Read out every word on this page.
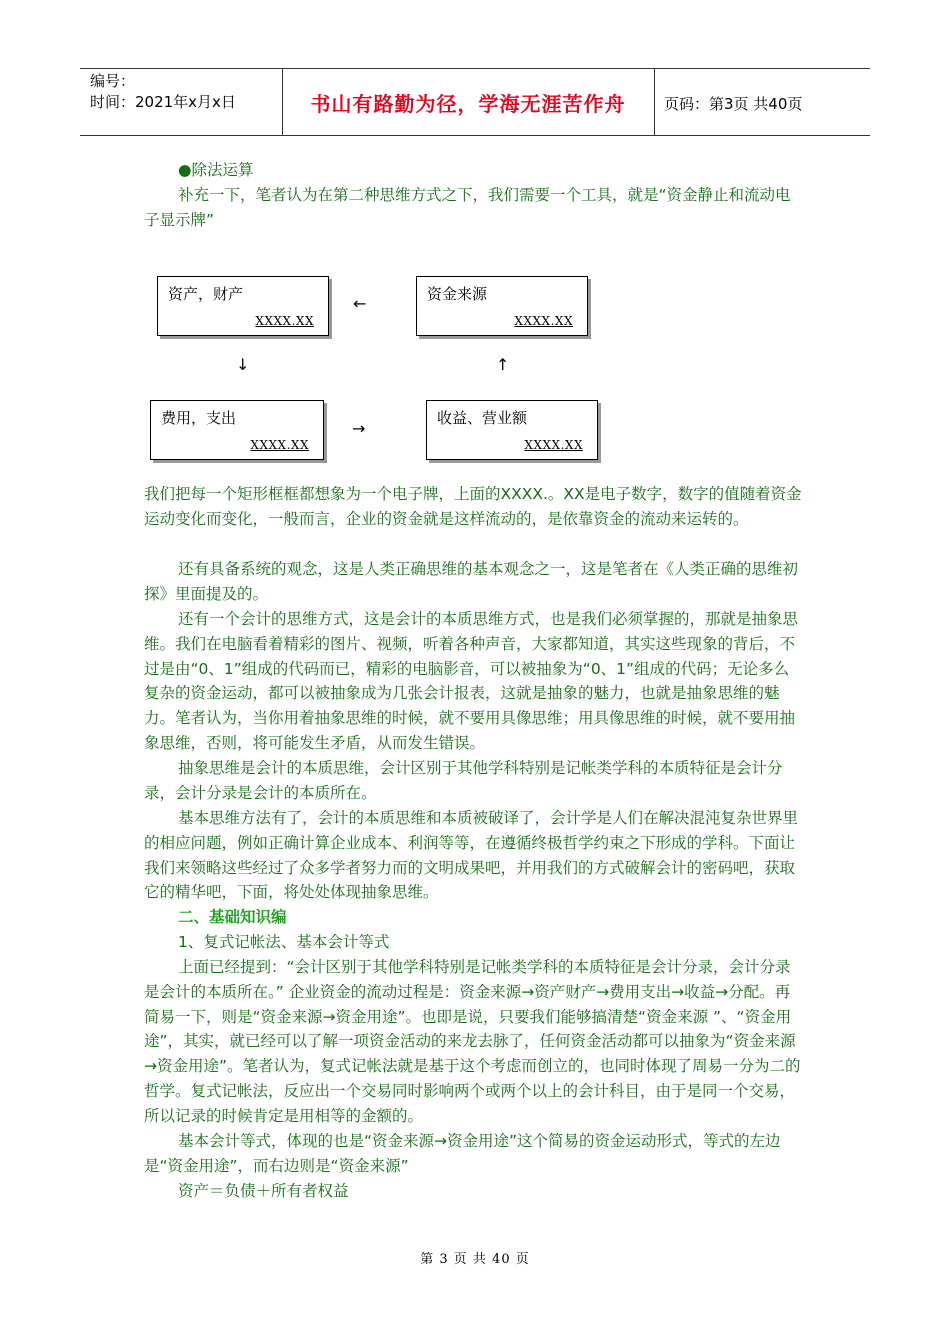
编号：
时间：2021年x月x日	书山有路勤为径，学海无涯苦作舟	页码：第3页 共40页

●除法运算

补充一下，笔者认为在第二种思维方式之下，我们需要一个工具，就是“资金静止和流动电子显示牌”

资产，财产
XXXX.XX
资金来源
XXXX.XX
费用，支出
XXXX.XX
收益、营业额
XXXX.XX
←
↓	↑
→

我们把每一个矩形框框都想象为一个电子牌，上面的XXXX.。XX是电子数字，数字的值随着资金运动变化而变化，一般而言，企业的资金就是这样流动的，是依靠资金的流动来运转的。

还有具备系统的观念，这是人类正确思维的基本观念之一，这是笔者在《人类正确的思维初探》里面提及的。

还有一个会计的思维方式，这是会计的本质思维方式，也是我们必须掌握的，那就是抽象思维。我们在电脑看着精彩的图片、视频，听着各种声音，大家都知道，其实这些现象的背后，不过是由“0、1”组成的代码而已，精彩的电脑影音，可以被抽象为“0、1”组成的代码；无论多么复杂的资金运动，都可以被抽象成为几张会计报表，这就是抽象的魅力，也就是抽象思维的魅力。笔者认为，当你用着抽象思维的时候，就不要用具像思维；用具像思维的时候，就不要用抽象思维，否则，将可能发生矛盾，从而发生错误。

抽象思维是会计的本质思维，会计区别于其他学科特别是记帐类学科的本质特征是会计分录，会计分录是会计的本质所在。

基本思维方法有了，会计的本质思维和本质被破译了，会计学是人们在解决混沌复杂世界里的相应问题，例如正确计算企业成本、利润等等，在遵循终极哲学约束之下形成的学科。下面让我们来领略这些经过了众多学者努力而的文明成果吧，并用我们的方式破解会计的密码吧，获取它的精华吧，下面，将处处体现抽象思维。

二、基础知识编

1、复式记帐法、基本会计等式

上面已经提到：“会计区别于其他学科特别是记帐类学科的本质特征是会计分录，会计分录是会计的本质所在。” 企业资金的流动过程是：资金来源→资产财产→费用支出→收益→分配。再简易一下，则是“资金来源→资金用途”。也即是说，只要我们能够搞清楚“资金来源 ”、“资金用途”，其实，就已经可以了解一项资金活动的来龙去脉了，任何资金活动都可以抽象为“资金来源→资金用途”。笔者认为，复式记帐法就是基于这个考虑而创立的，也同时体现了周易一分为二的哲学。复式记帐法，反应出一个交易同时影响两个或两个以上的会计科目，由于是同一个交易，所以记录的时候肯定是用相等的金额的。

基本会计等式，体现的也是“资金来源→资金用途”这个简易的资金运动形式，等式的左边是“资金用途”，而右边则是“资金来源”

资产＝负债＋所有者权益

第 3 页 共 40 页
